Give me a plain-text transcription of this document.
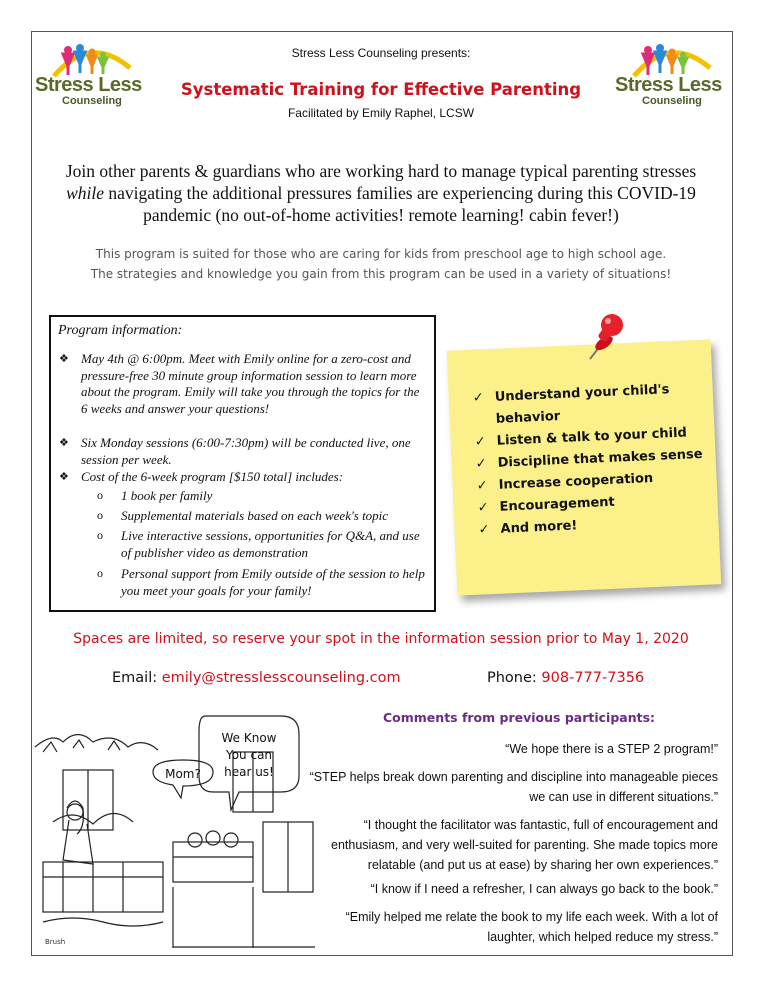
Stress Less
Counseling
Stress Less
Counseling
Stress Less Counseling presents:
Systematic Training for Effective Parenting
Facilitated by Emily Raphel, LCSW
Join other parents & guardians who are working hard to manage typical parenting stresses while navigating the additional pressures families are experiencing during this COVID-19 pandemic (no out-of-home activities! remote learning! cabin fever!)
This program is suited for those who are caring for kids from preschool age to high school age.
The strategies and knowledge you gain from this program can be used in a variety of situations!
Program information:
❖ May 4th @ 6:00pm. Meet with Emily online for a zero-cost and pressure-free 30 minute group information session to learn more about the program. Emily will take you through the topics for the 6 weeks and answer your questions!
❖ Six Monday sessions (6:00-7:30pm) will be conducted live, one session per week.
❖ Cost of the 6-week program [$150 total] includes:
o 1 book per family
o Supplemental materials based on each week's topic
o Live interactive sessions, opportunities for Q&A, and use of publisher video as demonstration
o Personal support from Emily outside of the session to help you meet your goals for your family!
✓ Understand your child's behavior
✓ Listen & talk to your child
✓ Discipline that makes sense
✓ Increase cooperation
✓ Encouragement
✓ And more!
Spaces are limited, so reserve your spot in the information session prior to May 1, 2020
Email: emily@stresslesscounseling.com	Phone: 908-777-7356
Comments from previous participants:
“We hope there is a STEP 2 program!”
“STEP helps break down parenting and discipline into manageable pieces we can use in different situations.”
“I thought the facilitator was fantastic, full of encouragement and enthusiasm, and very well-suited for parenting. She made topics more relatable (and put us at ease) by sharing her own experiences.”
“I know if I need a refresher, I can always go back to the book.”
“Emily helped me relate the book to my life each week. With a lot of laughter, which helped reduce my stress.”
We Know
You can
hear us!
Mom?
Brush
